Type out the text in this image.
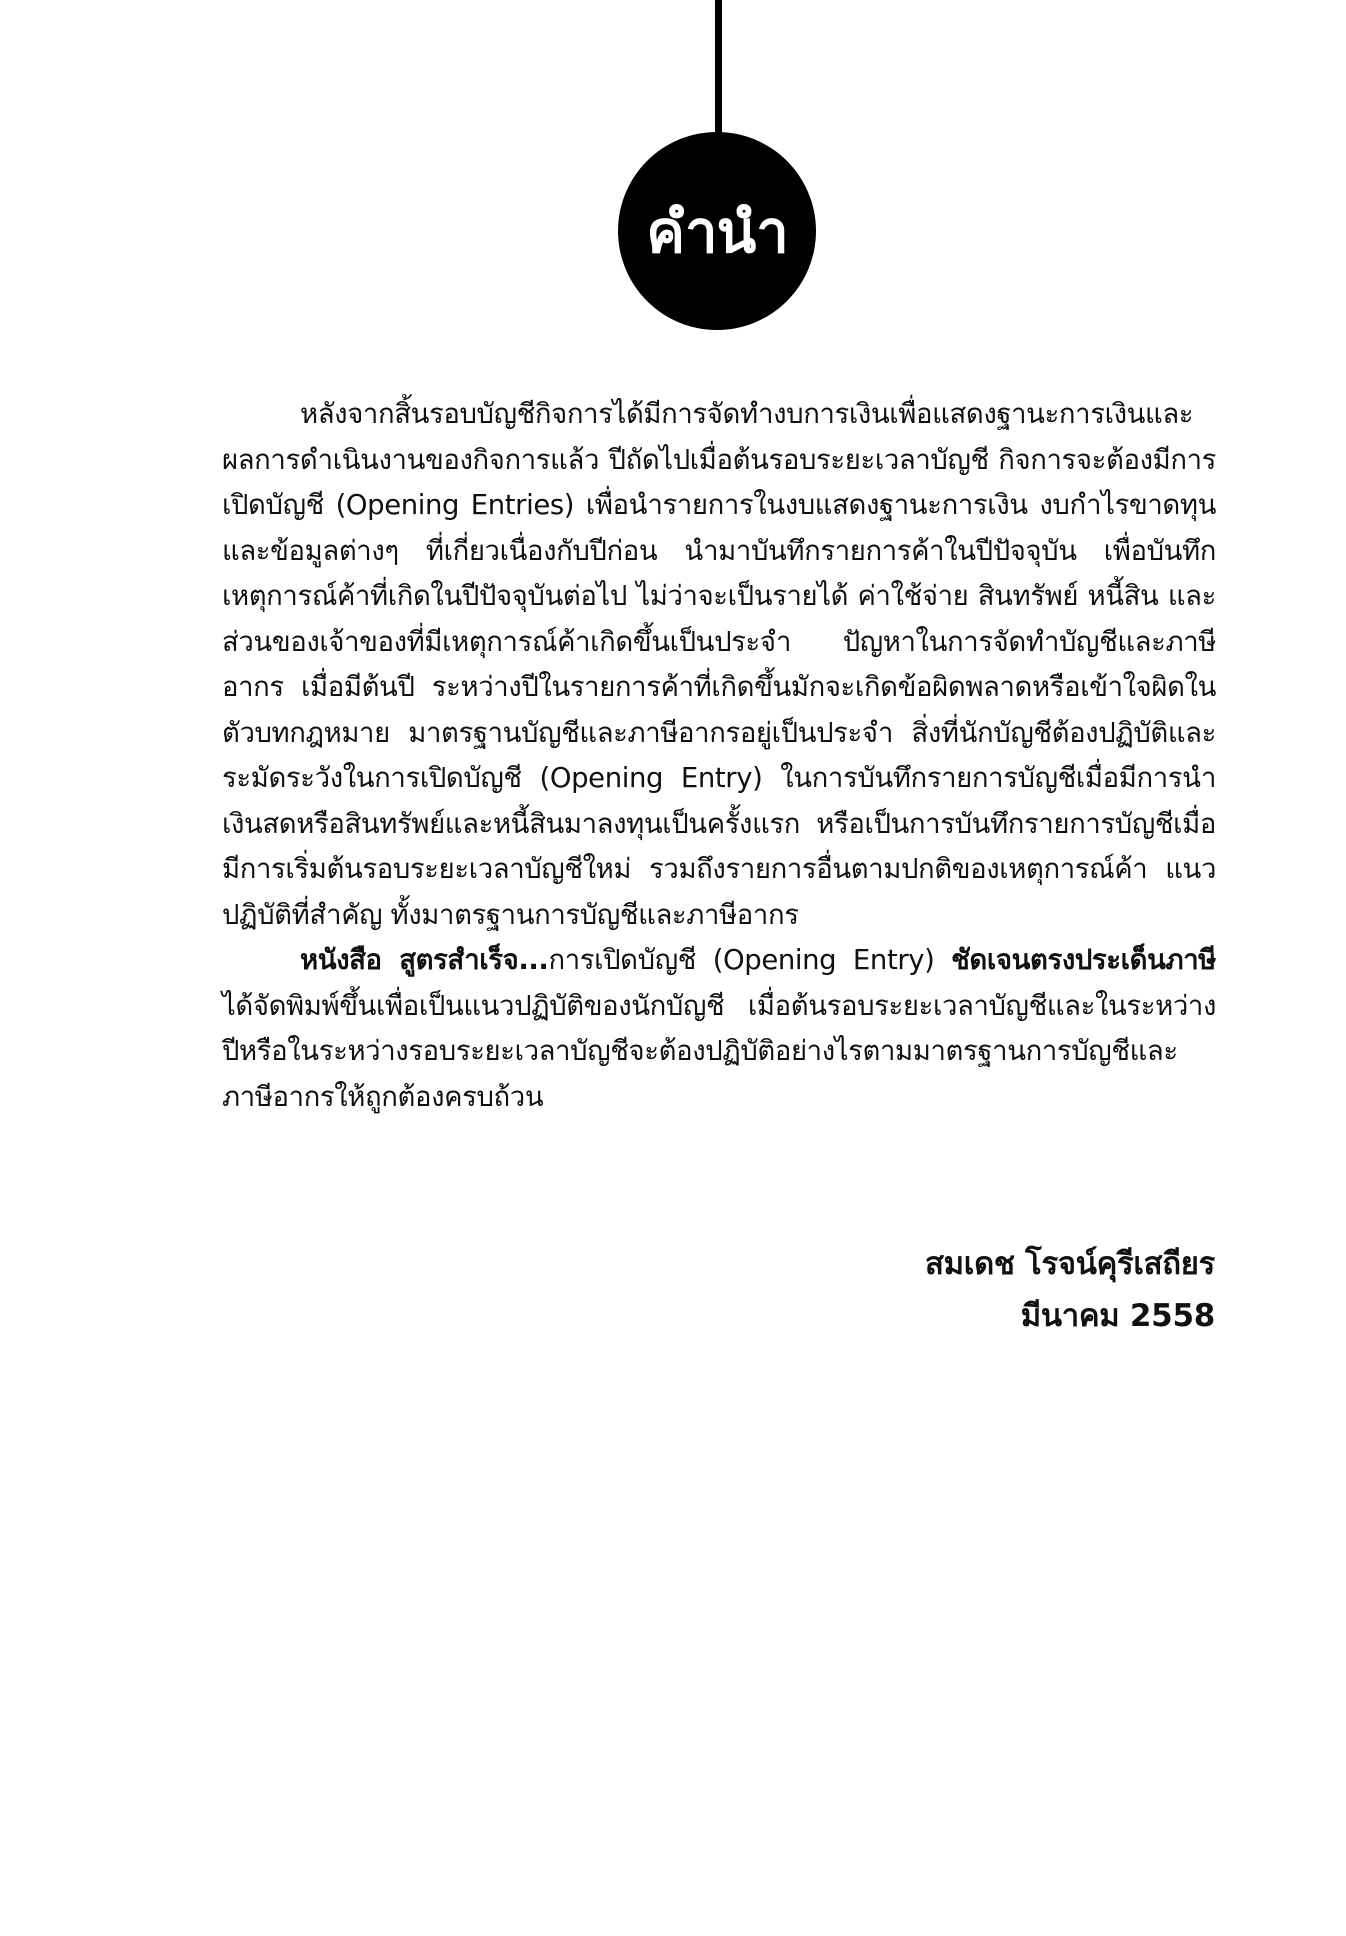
คำนำ

หลังจากสิ้นรอบบัญชีกิจการได้มีการจัดทำงบการเงินเพื่อแสดงฐานะการเงินและผลการดำเนินงานของกิจการแล้ว ปีถัดไปเมื่อต้นรอบระยะเวลาบัญชี กิจการจะต้องมีการเปิดบัญชี (Opening Entries) เพื่อนำรายการในงบแสดงฐานะการเงิน งบกำไรขาดทุนและข้อมูลต่างๆ ที่เกี่ยวเนื่องกับปีก่อน นำมาบันทึกรายการค้าในปีปัจจุบัน เพื่อบันทึกเหตุการณ์ค้าที่เกิดในปีปัจจุบันต่อไป ไม่ว่าจะเป็นรายได้ ค่าใช้จ่าย สินทรัพย์ หนี้สิน และส่วนของเจ้าของที่มีเหตุการณ์ค้าเกิดขึ้นเป็นประจำ ปัญหาในการจัดทำบัญชีและภาษีอากร เมื่อมีต้นปี ระหว่างปีในรายการค้าที่เกิดขึ้นมักจะเกิดข้อผิดพลาดหรือเข้าใจผิดในตัวบทกฎหมาย มาตรฐานบัญชีและภาษีอากรอยู่เป็นประจำ สิ่งที่นักบัญชีต้องปฏิบัติและระมัดระวังในการเปิดบัญชี (Opening Entry) ในการบันทึกรายการบัญชีเมื่อมีการนำเงินสดหรือสินทรัพย์และหนี้สินมาลงทุนเป็นครั้งแรก หรือเป็นการบันทึกรายการบัญชีเมื่อมีการเริ่มต้นรอบระยะเวลาบัญชีใหม่ รวมถึงรายการอื่นตามปกติของเหตุการณ์ค้า แนวปฏิบัติที่สำคัญ ทั้งมาตรฐานการบัญชีและภาษีอากร

หนังสือ สูตรสำเร็จ...การเปิดบัญชี (Opening Entry) ชัดเจนตรงประเด็นภาษี ได้จัดพิมพ์ขึ้นเพื่อเป็นแนวปฏิบัติของนักบัญชี เมื่อต้นรอบระยะเวลาบัญชีและในระหว่างปีหรือในระหว่างรอบระยะเวลาบัญชีจะต้องปฏิบัติอย่างไรตามมาตรฐานการบัญชีและภาษีอากรให้ถูกต้องครบถ้วน

สมเดช โรจน์คุรีเสถียร
มีนาคม 2558
